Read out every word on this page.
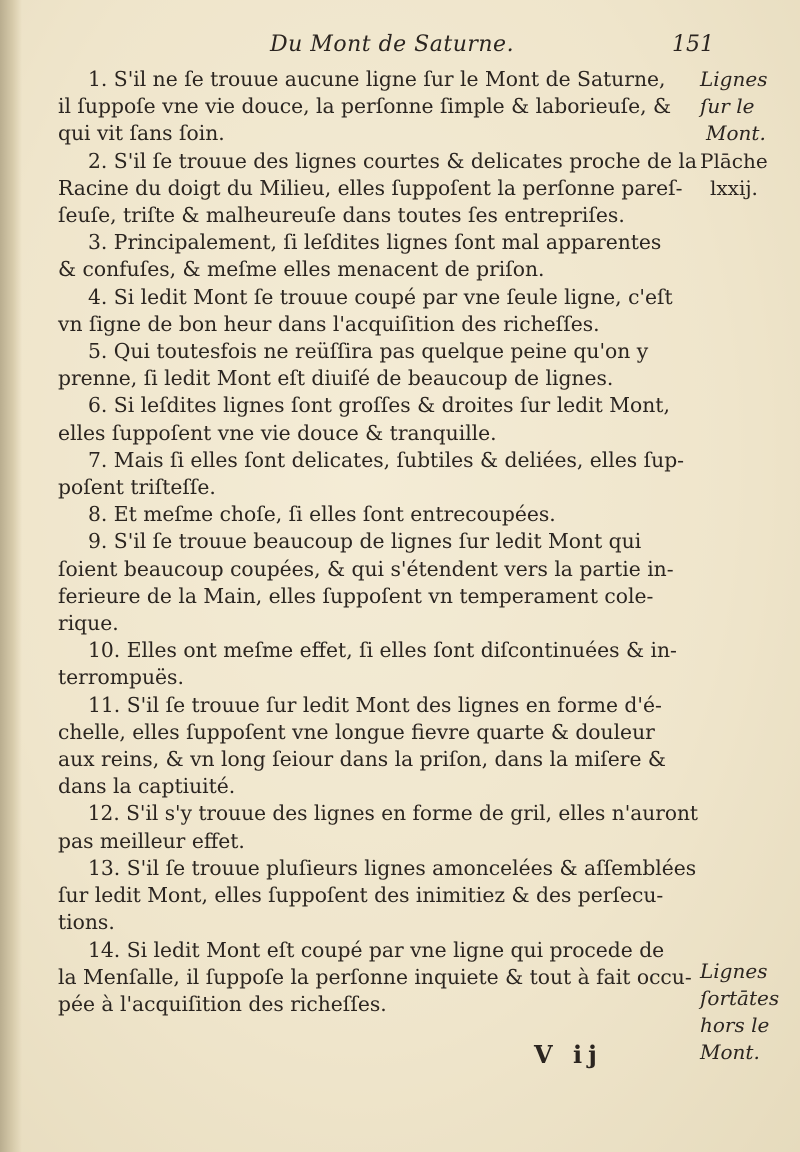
Du Mont de Saturne.	151
1. S'il ne ſe trouue aucune ligne ſur le Mont de Saturne,
il ſuppoſe vne vie douce, la perſonne ſimple & laborieuſe, &
qui vit ſans ſoin.
2. S'il ſe trouue des lignes courtes & delicates proche de la
Racine du doigt du Milieu, elles ſuppoſent la perſonne pareſ-
ſeuſe, triſte & malheureuſe dans toutes ſes entrepriſes.
3. Principalement, ſi leſdites lignes ſont mal apparentes
& confuſes, & meſme elles menacent de priſon.
4. Si ledit Mont ſe trouue coupé par vne ſeule ligne, c'eſt
vn ſigne de bon heur dans l'acquiſition des richeſſes.
5. Qui toutesfois ne reüſſira pas quelque peine qu'on y
prenne, ſi ledit Mont eſt diuiſé de beaucoup de lignes.
6. Si leſdites lignes ſont groſſes & droites ſur ledit Mont,
elles ſuppoſent vne vie douce & tranquille.
7. Mais ſi elles ſont delicates, ſubtiles & deliées, elles ſup-
poſent triſteſſe.
8. Et meſme choſe, ſi elles ſont entrecoupées.
9. S'il ſe trouue beaucoup de lignes ſur ledit Mont qui
ſoient beaucoup coupées, & qui s'étendent vers la partie in-
ferieure de la Main, elles ſuppoſent vn temperament cole-
rique.
10. Elles ont meſme effet, ſi elles ſont diſcontinuées & in-
terrompuës.
11. S'il ſe trouue ſur ledit Mont des lignes en forme d'é-
chelle, elles ſuppoſent vne longue fievre quarte & douleur
aux reins, & vn long ſeiour dans la priſon, dans la miſere &
dans la captiuité.
12. S'il s'y trouue des lignes en forme de gril, elles n'auront
pas meilleur effet.
13. S'il ſe trouue pluſieurs lignes amoncelées & aſſemblées
ſur ledit Mont, elles ſuppoſent des inimitiez & des perſecu-
tions.
14. Si ledit Mont eſt coupé par vne ligne qui procede de
la Menſalle, il ſuppoſe la perſonne inquiete & tout à fait occu-
pée à l'acquiſition des richeſſes.
Lignes
ſur le
Mont.
Plāche
lxxij.
Lignes
ſortātes
hors le
Mont.
V ij
